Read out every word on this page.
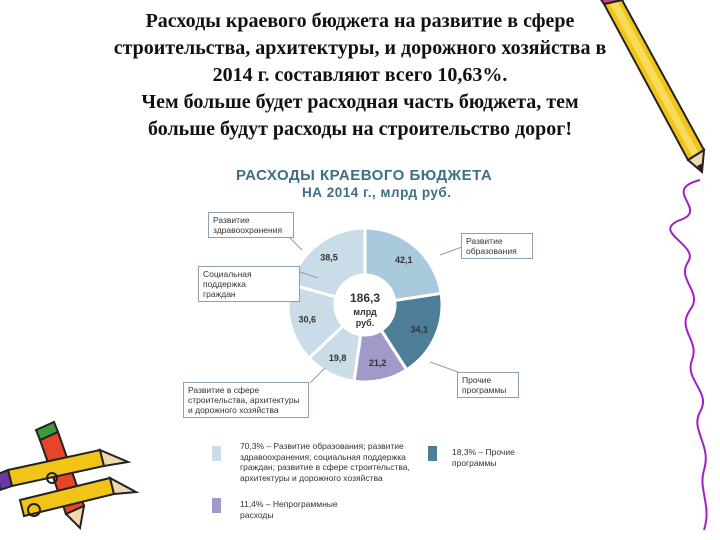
Расходы краевого бюджета на развитие в сфере
строительства, архитектуры, и дорожного хозяйства в
2014 г. составляют всего 10,63%.
Чем больше будет расходная часть бюджета, тем
больше будут расходы на строительство дорог!
РАСХОДЫ КРАЕВОГО БЮДЖЕТА
НА 2014 г., млрд руб.
42,1
34,1
21,2
19,8
30,6
38,5
186,3
млрд
руб.
Развитие
здравоохранения
Социальная поддержка
граждан
Развитие в сфере
строительства, архитектуры
и дорожного хозяйства
Развитие
образования
Прочие
программы
70,3% – Развитие образования; развитие
здравоохранения; социальная поддержка
граждан; развитие в сфере строительства,
архитектуры и дорожного хозяйства
11,4% – Непрограммные
расходы
18,3% – Прочие
программы
